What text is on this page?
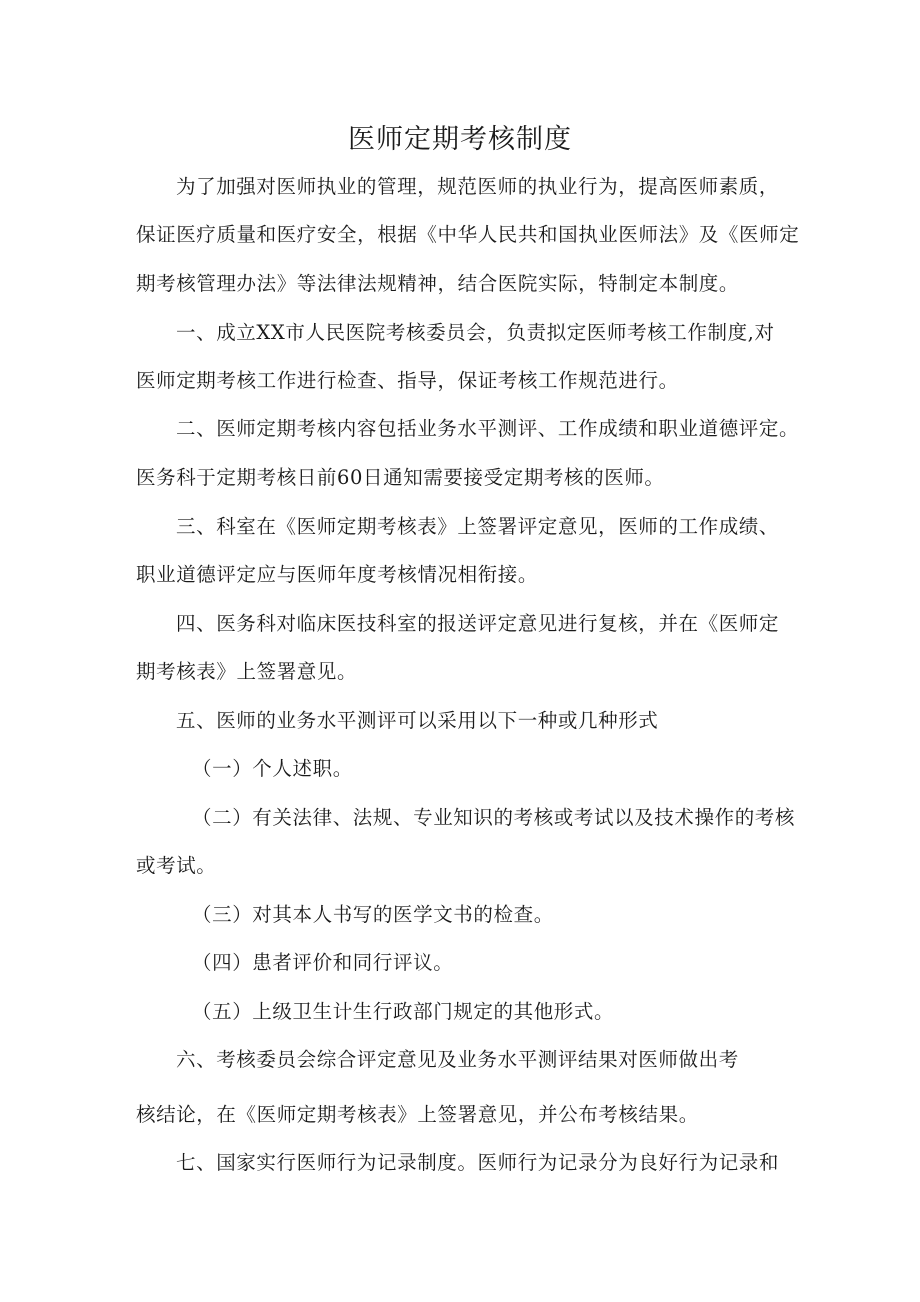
医师定期考核制度
为了加强对医师执业的管理，规范医师的执业行为，提高医师素质，
保证医疗质量和医疗安全，根据《中华人民共和国执业医师法》及《医师定
期考核管理办法》等法律法规精神，结合医院实际，特制定本制度。
一、成立XX市人民医院考核委员会，负责拟定医师考核工作制度,对
医师定期考核工作进行检查、指导，保证考核工作规范进行。
二、医师定期考核内容包括业务水平测评、工作成绩和职业道德评定。
医务科于定期考核日前60日通知需要接受定期考核的医师。
三、科室在《医师定期考核表》上签署评定意见，医师的工作成绩、
职业道德评定应与医师年度考核情况相衔接。
四、医务科对临床医技科室的报送评定意见进行复核，并在《医师定
期考核表》上签署意见。
五、医师的业务水平测评可以采用以下一种或几种形式
（一）个人述职。
（二）有关法律、法规、专业知识的考核或考试以及技术操作的考核
或考试。
（三）对其本人书写的医学文书的检查。
（四）患者评价和同行评议。
（五）上级卫生计生行政部门规定的其他形式。
六、考核委员会综合评定意见及业务水平测评结果对医师做出考
核结论，在《医师定期考核表》上签署意见，并公布考核结果。
七、国家实行医师行为记录制度。医师行为记录分为良好行为记录和
